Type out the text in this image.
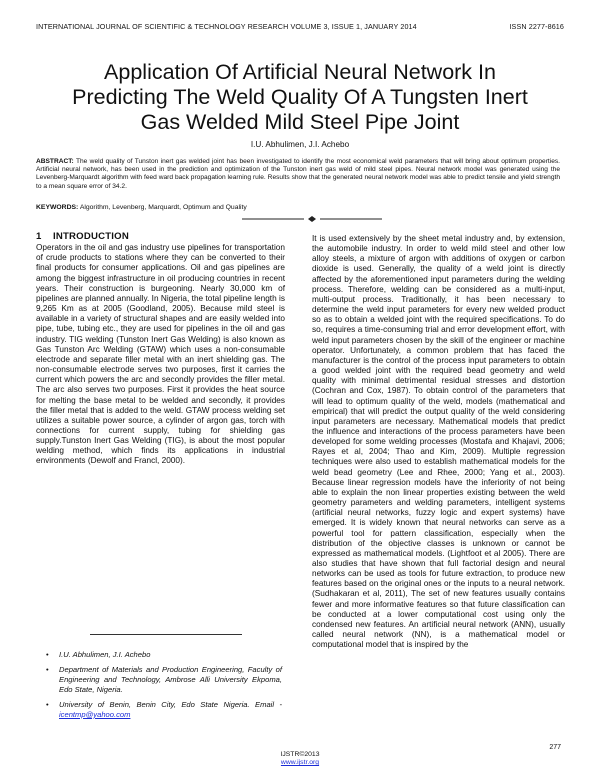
INTERNATIONAL JOURNAL OF SCIENTIFIC & TECHNOLOGY RESEARCH VOLUME 3, ISSUE 1, JANUARY 2014	ISSN 2277-8616
Application Of Artificial Neural Network In
Predicting The Weld Quality Of A Tungsten Inert
Gas Welded Mild Steel Pipe Joint
I.U. Abhulimen, J.I. Achebo
ABSTRACT: The weld quality of Tunston inert gas welded joint has been investigated to identify the most economical weld parameters that will bring about optimum properties. Artificial neural network, has been used in the prediction and optimization of the Tunston inert gas weld of mild steel pipes. Neural network model was generated using the Levenberg-Marquardt algorithm with feed ward back propagation learning rule. Results show that the generated neural network model was able to predict tensile and yield strength to a mean square error of 34.2.
KEYWORDS: Algorithm, Levenberg, Marquardt, Optimum and Quality
1 INTRODUCTION

Operators in the oil and gas industry use pipelines for transportation of crude products to stations where they can be converted to their final products for consumer applications. Oil and gas pipelines are among the biggest infrastructure in oil producing countries in recent years. Their construction is burgeoning. Nearly 30,000 km of pipelines are planned annually. In Nigeria, the total pipeline length is 9,265 Km as at 2005 (Goodland, 2005). Because mild steel is available in a variety of structural shapes and are easily welded into pipe, tube, tubing etc., they are used for pipelines in the oil and gas industry. TIG welding (Tunston Inert Gas Welding) is also known as Gas Tunston Arc Welding (GTAW) which uses a non-consumable electrode and separate filler metal with an inert shielding gas. The non-consumable electrode serves two purposes, first it carries the current which powers the arc and secondly provides the filler metal. The arc also serves two purposes. First it provides the heat source for melting the base metal to be welded and secondly, it provides the filler metal that is added to the weld. GTAW process welding set utilizes a suitable power source, a cylinder of argon gas, torch with connections for current supply, tubing for shielding gas supply.Tunston Inert Gas Welding (TIG), is about the most popular welding method, which finds its applications in industrial environments (Dewolf and Francl, 2000).

It is used extensively by the sheet metal industry and, by extension, the automobile industry. In order to weld mild steel and other low alloy steels, a mixture of argon with additions of oxygen or carbon dioxide is used. Generally, the quality of a weld joint is directly affected by the aforementioned input parameters during the welding process. Therefore, welding can be considered as a multi-input, multi-output process. Traditionally, it has been necessary to determine the weld input parameters for every new welded product so as to obtain a welded joint with the required specifications. To do so, requires a time-consuming trial and error development effort, with weld input parameters chosen by the skill of the engineer or machine operator. Unfortunately, a common problem that has faced the manufacturer is the control of the process input parameters to obtain a good welded joint with the required bead geometry and weld quality with minimal detrimental residual stresses and distortion (Cochran and Cox, 1987). To obtain control of the parameters that will lead to optimum quality of the weld, models (mathematical and empirical) that will predict the output quality of the weld considering input parameters are necessary. Mathematical models that predict the influence and interactions of the process parameters have been developed for some welding processes (Mostafa and Khajavi, 2006; Rayes et al, 2004; Thao and Kim, 2009). Multiple regression techniques were also used to establish mathematical models for the weld bead geometry (Lee and Rhee, 2000; Yang et al., 2003). Because linear regression models have the inferiority of not being able to explain the non linear properties existing between the weld geometry parameters and welding parameters, intelligent systems (artificial neural networks, fuzzy logic and expert systems) have emerged. It is widely known that neural networks can serve as a powerful tool for pattern classification, especially when the distribution of the objective classes is unknown or cannot be expressed as mathematical models. (Lightfoot et al 2005). There are also studies that have shown that full factorial design and neural networks can be used as tools for future extraction, to produce new features based on the original ones or the inputs to a neural network. (Sudhakaran et al, 2011), The set of new features usually contains fewer and more informative features so that future classification can be conducted at a lower computational cost using only the condensed new features. An artificial neural network (ANN), usually called neural network (NN), is a mathematical model or computational model that is inspired by the

• I.U. Abhulimen, J.I. Achebo
• Department of Materials and Production Engineering, Faculty of Engineering and Technology, Ambrose Alli University Ekpoma, Edo State, Nigeria.
• University of Benin, Benin City, Edo State Nigeria. Email - icentmp@yahoo.com
277
IJSTR©2013
www.ijstr.org
